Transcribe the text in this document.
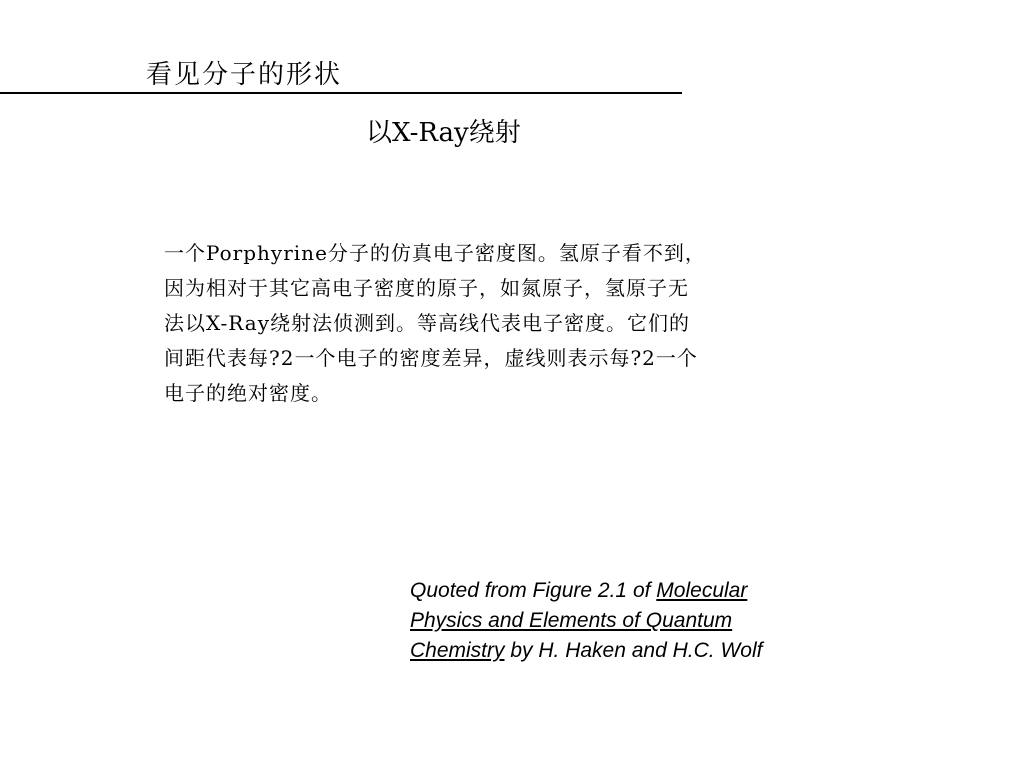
看见分子的形状
以X-Ray绕射
一个Porphyrine分子的仿真电子密度图。氢原子看不到，
因为相对于其它高电子密度的原子，如氮原子，氢原子无
法以X-Ray绕射法侦测到。等高线代表电子密度。它们的
间距代表每?2一个电子的密度差异，虚线则表示每?2一个
电子的绝对密度。
Quoted from Figure 2.1 of Molecular
Physics and Elements of Quantum
Chemistry by H. Haken and H.C. Wolf
